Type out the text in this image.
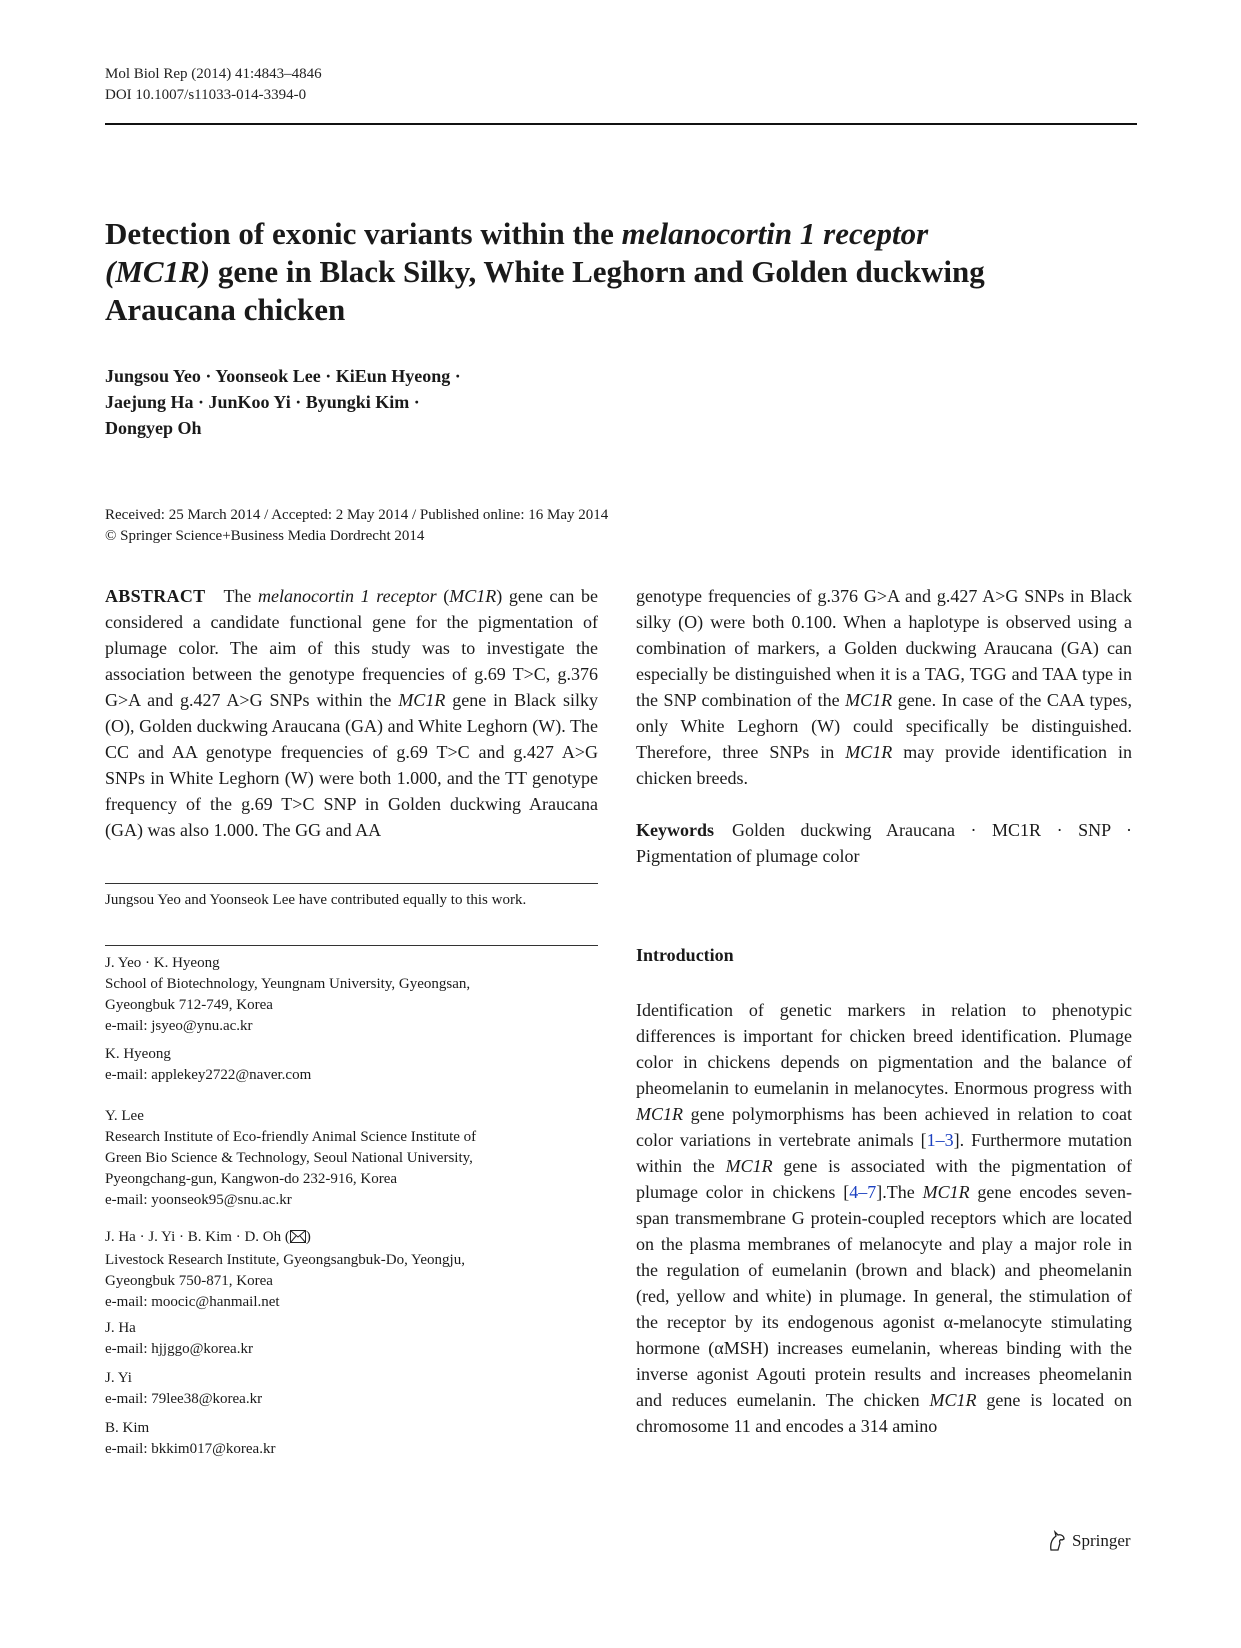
Mol Biol Rep (2014) 41:4843–4846
DOI 10.1007/s11033-014-3394-0
Detection of exonic variants within the melanocortin 1 receptor
(MC1R) gene in Black Silky, White Leghorn and Golden duckwing
Araucana chicken
Jungsou Yeo · Yoonseok Lee · KiEun Hyeong ·
Jaejung Ha · JunKoo Yi · Byungki Kim ·
Dongyep Oh
Received: 25 March 2014 / Accepted: 2 May 2014 / Published online: 16 May 2014
© Springer Science+Business Media Dordrecht 2014

ABSTRACT The melanocortin 1 receptor (MC1R) gene can be considered a candidate functional gene for the pigmentation of plumage color. The aim of this study was to investigate the association between the genotype frequencies of g.69 T>C, g.376 G>A and g.427 A>G SNPs within the MC1R gene in Black silky (O), Golden duckwing Araucana (GA) and White Leghorn (W). The CC and AA genotype frequencies of g.69 T>C and g.427 A>G SNPs in White Leghorn (W) were both 1.000, and the TT genotype frequency of the g.69 T>C SNP in Golden duckwing Araucana (GA) was also 1.000. The GG and AA

Jungsou Yeo and Yoonseok Lee have contributed equally to this work.

J. Yeo · K. Hyeong

School of Biotechnology, Yeungnam University, Gyeongsan,

Gyeongbuk 712-749, Korea

e-mail: jsyeo@ynu.ac.kr

K. Hyeong

e-mail: applekey2722@naver.com

Y. Lee

Research Institute of Eco-friendly Animal Science Institute of

Green Bio Science & Technology, Seoul National University,

Pyeongchang-gun, Kangwon-do 232-916, Korea

e-mail: yoonseok95@snu.ac.kr

J. Ha · J. Yi · B. Kim · D. Oh ( )

Livestock Research Institute, Gyeongsangbuk-Do, Yeongju,

Gyeongbuk 750-871, Korea

e-mail: moocic@hanmail.net

J. Ha

e-mail: hjjggo@korea.kr

J. Yi

e-mail: 79lee38@korea.kr

B. Kim

e-mail: bkkim017@korea.kr

genotype frequencies of g.376 G>A and g.427 A>G SNPs in Black silky (O) were both 0.100. When a haplotype is observed using a combination of markers, a Golden duckwing Araucana (GA) can especially be distinguished when it is a TAG, TGG and TAA type in the SNP combination of the MC1R gene. In case of the CAA types, only White Leghorn (W) could specifically be distinguished. Therefore, three SNPs in MC1R may provide identification in chicken breeds.

Keywords Golden duckwing Araucana · MC1R · SNP · Pigmentation of plumage color

Introduction

Identification of genetic markers in relation to phenotypic differences is important for chicken breed identification. Plumage color in chickens depends on pigmentation and the balance of pheomelanin to eumelanin in melanocytes. Enormous progress with MC1R gene polymorphisms has been achieved in relation to coat color variations in vertebrate animals [1–3]. Furthermore mutation within the MC1R gene is associated with the pigmentation of plumage color in chickens [4–7].The MC1R gene encodes seven-span transmembrane G protein-coupled receptors which are located on the plasma membranes of melanocyte and play a major role in the regulation of eumelanin (brown and black) and pheomelanin (red, yellow and white) in plumage. In general, the stimulation of the receptor by its endogenous agonist α-melanocyte stimulating hormone (αMSH) increases eumelanin, whereas binding with the inverse agonist Agouti protein results and increases pheomelanin and reduces eumelanin. The chicken MC1R gene is located on chromosome 11 and encodes a 314 amino

Springer
